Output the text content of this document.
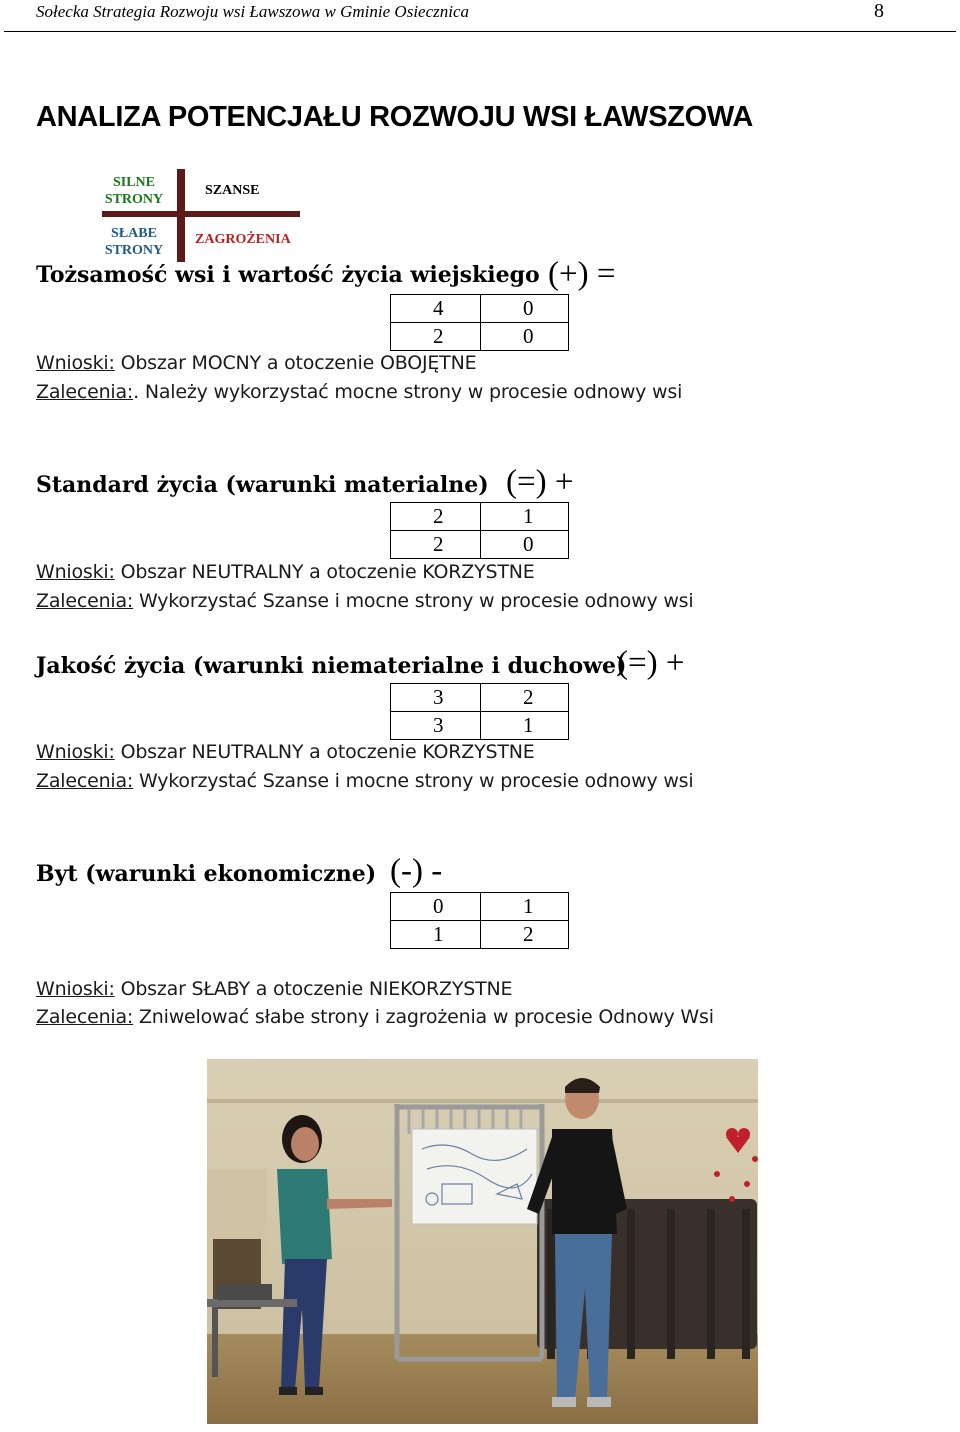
Sołecka Strategia Rozwoju wsi Ławszowa w Gminie Osiecznica	8
ANALIZA POTENCJAŁU ROZWOJU WSI ŁAWSZOWA
SILNE
STRONY
SŁABE
STRONY
SZANSE
ZAGROŻENIA
Tożsamość wsi i wartość życia wiejskiego (+) =
4	0
2	0
Wnioski: Obszar MOCNY a otoczenie OBOJĘTNE
Zalecenia:. Należy wykorzystać mocne strony w procesie odnowy wsi
Standard życia (warunki materialne) (=) +
2	1
2	0
Wnioski: Obszar NEUTRALNY a otoczenie KORZYSTNE
Zalecenia: Wykorzystać Szanse i mocne strony w procesie odnowy wsi
Jakość życia (warunki niematerialne i duchowe)
(=) +
3	2
3	1
Wnioski: Obszar NEUTRALNY a otoczenie KORZYSTNE
Zalecenia: Wykorzystać Szanse i mocne strony w procesie odnowy wsi
Byt (warunki ekonomiczne) (-) -
0	1
1	2
Wnioski: Obszar SŁABY a otoczenie NIEKORZYSTNE
Zalecenia: Zniwelować słabe strony i zagrożenia w procesie Odnowy Wsi
